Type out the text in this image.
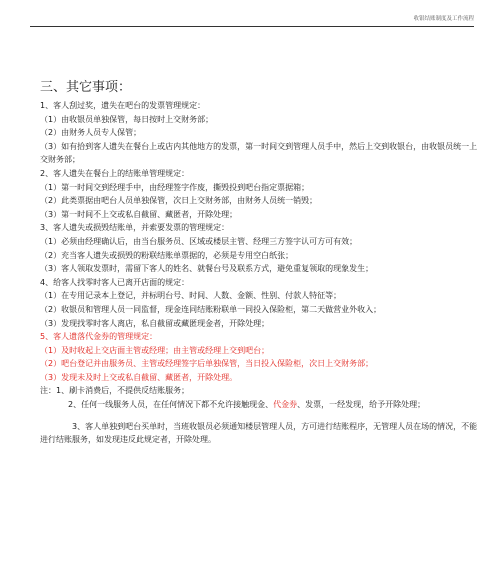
收银结账制度及工作流程
三、其它事项：
1、客人刮过奖，遗失在吧台的发票管理规定：
（1）由收银员单独保管，每日按时上交财务部；
（2）由财务人员专人保管；
（3）如有拾到客人遗失在餐台上或店内其他地方的发票，第一时间交到管理人员手中，然后上交到收银台，由收银员统一上交财务部；
2、客人遗失在餐台上的结账单管理规定：
（1）第一时间交到经理手中，由经理签字作废，撕毁投到吧台指定票据箱；
（2）此类票据由吧台人员单独保管，次日上交财务部，由财务人员统一销毁；
（3）第一时间不上交或私自截留、藏匿者，开除处理；
3、客人遗失或损毁结账单，并索要发票的管理规定：
（1）必须由经理确认后，由当台服务员、区域或楼层主管、经理三方签字认可方可有效；
（2）充当客人遗失或损毁的粉联结账单票据的，必须是专用空白纸张；
（3）客人领取发票时，需留下客人的姓名、就餐台号及联系方式，避免重复领取的现象发生；
4、给客人找零时客人已离开店面的规定：
（1）在专用记录本上登记，并标明台号、时间、人数、金额、性别、付款人特征等；
（2）收银员和管理人员一同监督，现金连同结账粉联单一同投入保险柜，第二天做营业外收入；
（3）发现找零时客人离店，私自截留或藏匿现金者，开除处理；
5、客人遗落代金券的管理规定：
（1）及时收起上交店面主管或经理；由主管或经理上交到吧台；
（2）吧台登记并由服务员、主管或经理签字后单独保管，当日投入保险柜，次日上交财务部；
（3）发现未及时上交或私自截留、藏匿者，开除处理。
注：1、刷卡消费后，不提供反结账服务；
2、任何一线服务人员，在任何情况下都不允许接触现金、代金券、发票，一经发现，给予开除处理；
3、客人单独到吧台买单时，当班收银员必须通知楼层管理人员，方可进行结账程序，无管理人员在场的情况，不能进行结账服务，如发现违反此规定者，开除处理。
